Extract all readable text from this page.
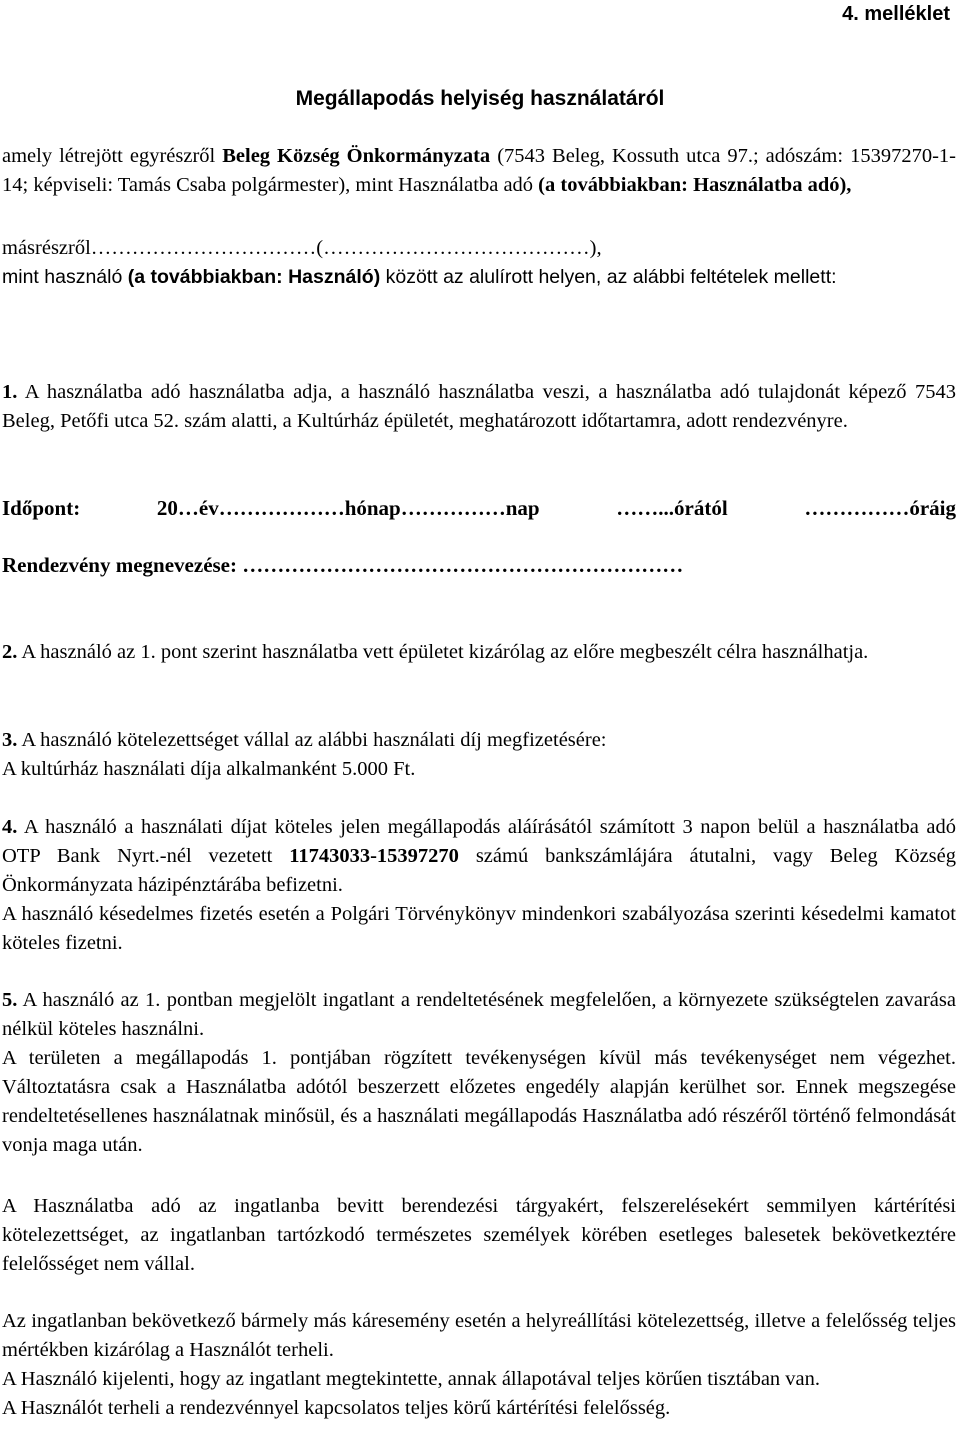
4. melléklet
Megállapodás helyiség használatáról
amely létrejött egyrészről Beleg Község Önkormányzata (7543 Beleg, Kossuth utca 97.; adószám: 15397270-1-14; képviseli: Tamás Csaba polgármester), mint Használatba adó (a továbbiakban: Használatba adó),
másrészről……………………………(…………………………………),
mint használó (a továbbiakban: Használó) között az alulírott helyen, az alábbi feltételek mellett:
1. A használatba adó használatba adja, a használó használatba veszi, a használatba adó tulajdonát képező 7543 Beleg, Petőfi utca 52. szám alatti, a Kultúrház épületét, meghatározott időtartamra, adott rendezvényre.
Időpont: 20…év………………hónap……………nap ……...órától ……………óráig
Rendezvény megnevezése: ………………………………………………………
2. A használó az 1. pont szerint használatba vett épületet kizárólag az előre megbeszélt célra használhatja.
3. A használó kötelezettséget vállal az alábbi használati díj megfizetésére:
A kultúrház használati díja alkalmanként 5.000 Ft.
4. A használó a használati díjat köteles jelen megállapodás aláírásától számított 3 napon belül a használatba adó OTP Bank Nyrt.-nél vezetett 11743033-15397270 számú bankszámlájára átutalni, vagy Beleg Község Önkormányzata házipénztárába befizetni.
A használó késedelmes fizetés esetén a Polgári Törvénykönyv mindenkori szabályozása szerinti késedelmi kamatot köteles fizetni.
5. A használó az 1. pontban megjelölt ingatlant a rendeltetésének megfelelően, a környezete szükségtelen zavarása nélkül köteles használni.
A területen a megállapodás 1. pontjában rögzített tevékenységen kívül más tevékenységet nem végezhet. Változtatásra csak a Használatba adótól beszerzett előzetes engedély alapján kerülhet sor. Ennek megszegése rendeltetésellenes használatnak minősül, és a használati megállapodás Használatba adó részéről történő felmondását vonja maga után.
A Használatba adó az ingatlanba bevitt berendezési tárgyakért, felszerelésekért semmilyen kártérítési kötelezettséget, az ingatlanban tartózkodó természetes személyek körében esetleges balesetek bekövetkeztére felelősséget nem vállal.
Az ingatlanban bekövetkező bármely más káresemény esetén a helyreállítási kötelezettség, illetve a felelősség teljes mértékben kizárólag a Használót terheli.
A Használó kijelenti, hogy az ingatlant megtekintette, annak állapotával teljes körűen tisztában van.
A Használót terheli a rendezvénnyel kapcsolatos teljes körű kártérítési felelősség.
